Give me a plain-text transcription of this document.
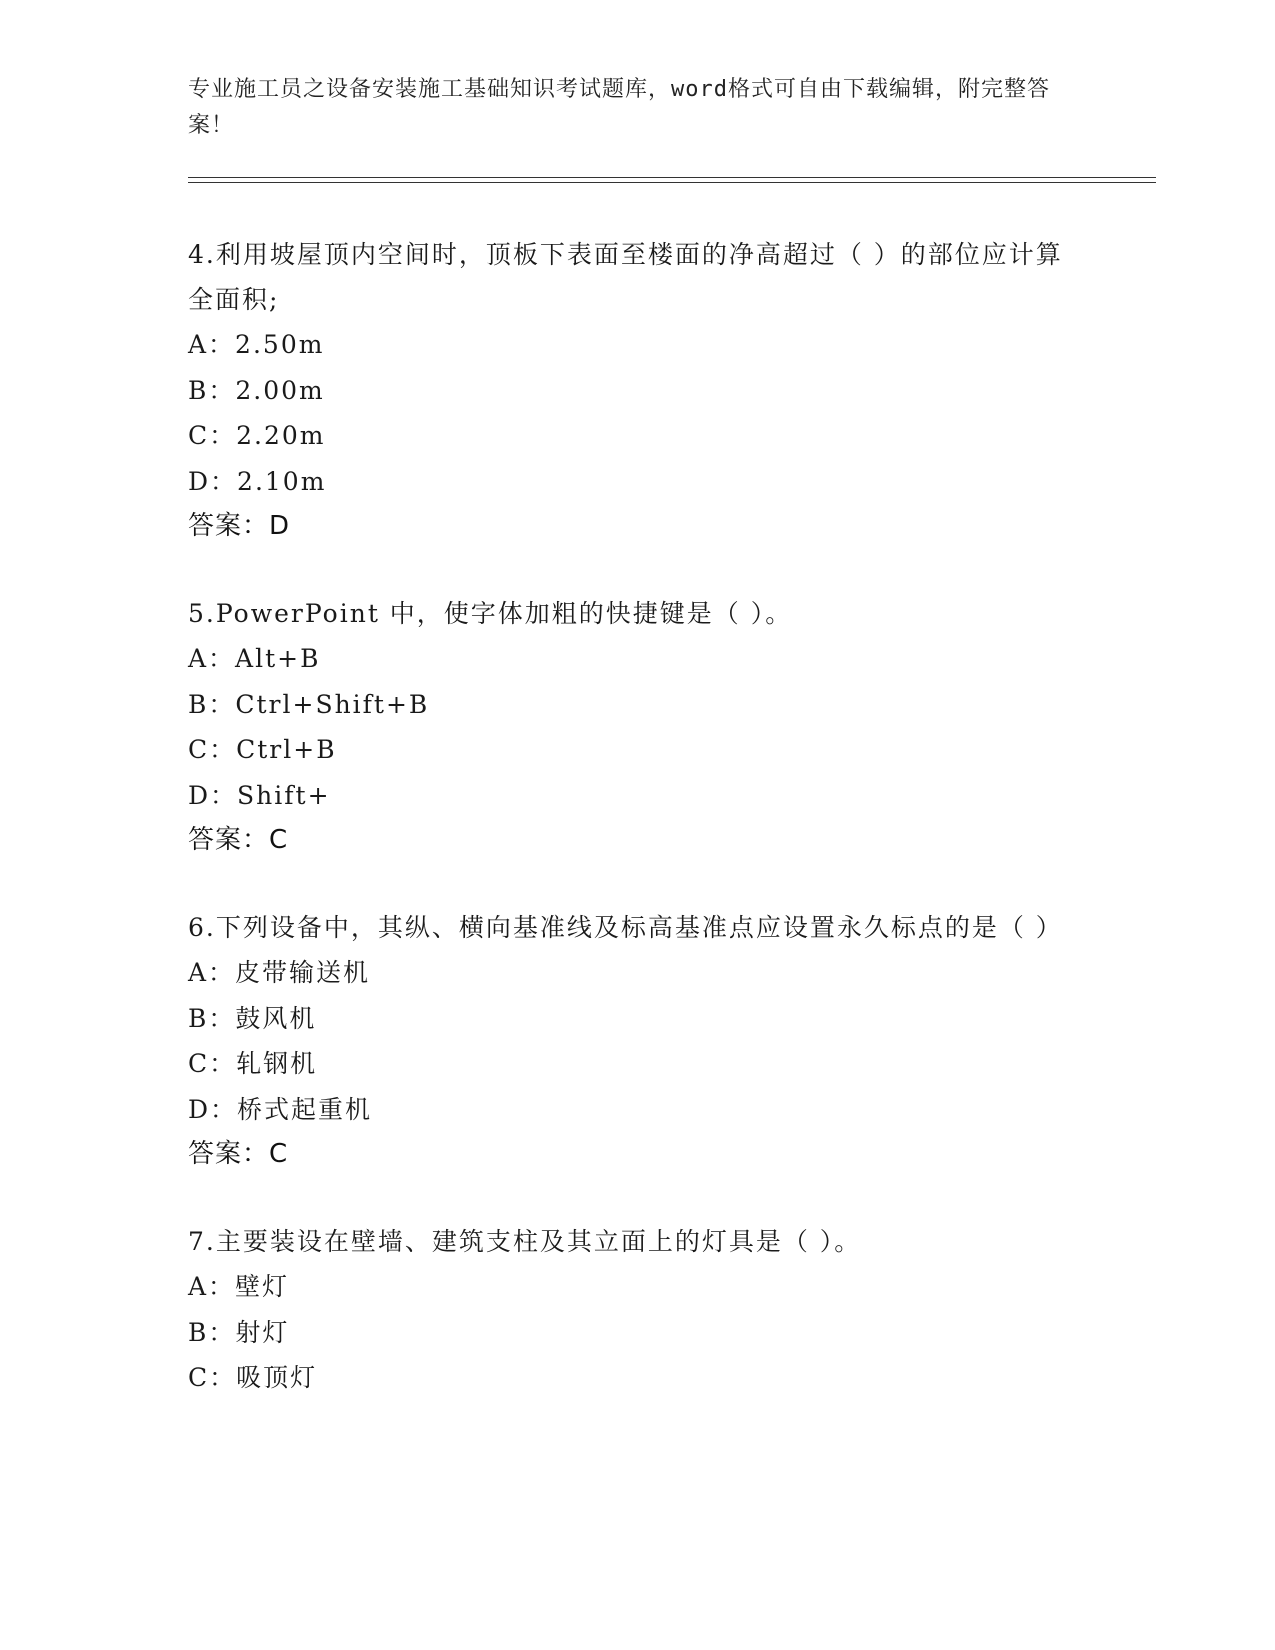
专业施工员之设备安装施工基础知识考试题库，word格式可自由下载编辑，附完整答案！
4.利用坡屋顶内空间时，顶板下表面至楼面的净高超过（ ）的部位应计算全面积;
A：2.50m
B：2.00m
C：2.20m
D：2.10m
答案：D
5.PowerPoint 中，使字体加粗的快捷键是（ ）。
A：Alt+B
B：Ctrl+Shift+B
C：Ctrl+B
D：Shift+
答案：C
6.下列设备中，其纵、横向基准线及标高基准点应设置永久标点的是（ ）
A：皮带输送机
B：鼓风机
C：轧钢机
D：桥式起重机
答案：C
7.主要装设在壁墙、建筑支柱及其立面上的灯具是（ ）。
A：壁灯
B：射灯
C：吸顶灯
